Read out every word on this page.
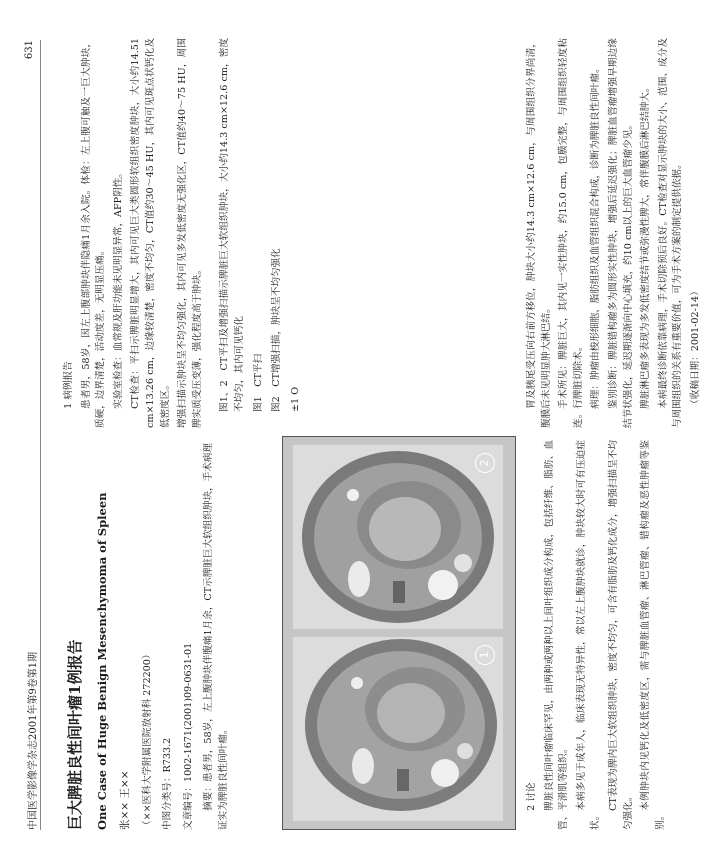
中国医学影像学杂志2001年第9卷第1期
631
巨大脾脏良性间叶瘤1例报告 One Case of Huge Benign Mesenchymoma of Spleen 张×× 王×× （××医科大学附属医院放射科 272200） 中图分类号：R733.2 文章编号：1002-1671(2001)09-0631-01 摘要：患者男，58岁，左上腹肿块伴腹痛1月余，CT示脾脏巨大软组织肿块，手术病理证实为脾脏良性间叶瘤。

1 病例报告 患者男，58岁，因左上腹部肿块伴隐痛1月余入院。体检：左上腹可触及一巨大肿块，质硬，边界清楚，活动度差，无明显压痛。 实验室检查：血常规及肝功能未见明显异常，AFP阴性。 CT检查：平扫示脾脏明显增大，其内可见巨大类圆形软组织密度肿块，大小约14.51 cm×13.26 cm，边缘较清楚，密度不均匀，CT值约30～45 HU，其内可见斑点状钙化及低密度区。 增强扫描示肿块呈不均匀强化，其内可见多发低密度无强化区，CT值约40～75 HU，周围脾实质受压变薄，强化程度高于肿块。 图1、2　CT平扫及增强扫描示脾脏巨大软组织肿块，大小约14.3 cm×12.6 cm，密度不均匀，其内可见钙化 图1　CT平扫 图2　CT增强扫描，肿块呈不均匀强化 ±1 O

1
2

2 讨论 脾脏良性间叶瘤临床罕见，由两种或两种以上间叶组织成分构成，包括纤维、脂肪、血管、平滑肌等组织。 本病多见于成年人，临床表现无特异性，常以左上腹肿块就诊，肿块较大时可有压迫症状。

CT表现为脾内巨大软组织肿块，密度不均匀，可含有脂肪及钙化成分，增强扫描呈不均匀强化。 本例肿块内见钙化及低密度区，需与脾脏血管瘤、淋巴管瘤、错构瘤及恶性肿瘤等鉴别。

胃及胰尾受压向右前方移位，肿块大小约14.3 cm×12.6 cm，与周围组织分界尚清，腹膜后未见明显肿大淋巴结。 手术所见：脾脏巨大，其内见一实性肿块，约15.0 cm，包膜完整，与周围组织轻度粘连。行脾脏切除术。 病理：肿瘤由梭形细胞、脂肪组织及血管组织混合构成，诊断为脾脏良性间叶瘤。 鉴别诊断：脾脏错构瘤多为圆形实性肿块，增强后延迟强化；脾脏血管瘤增强早期边缘结节状强化，延迟期逐渐向中心填充，约10 cm以上的巨大血管瘤少见。 脾脏淋巴瘤多表现为多发低密度结节或弥漫性脾大，常伴腹膜后淋巴结肿大。 本病最终诊断依靠病理，手术切除预后良好。CT检查对显示肿块的大小、范围、成分及与周围组织的关系有重要价值，可为手术方案的制定提供依据。 （收稿日期：2001-02-14）
